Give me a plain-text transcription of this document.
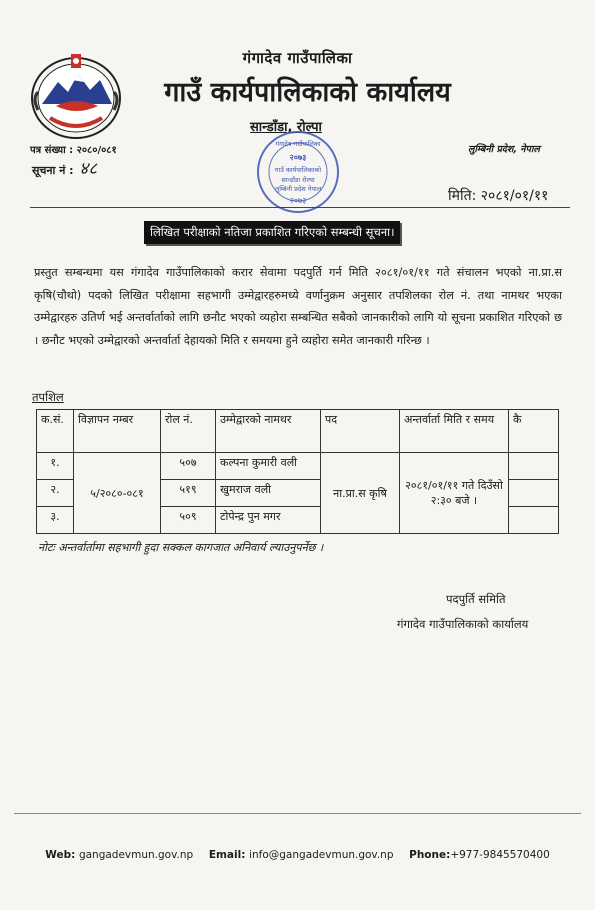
गंगादेव गाउँपालिका
गाउँ कार्यपालिकाको कार्यालय
सान्डाँडा, रोल्पा
पत्र संख्या : २०८०/०८१
सूचना नं : ४८
लुम्बिनी प्रदेश, नेपाल
गंगादेव गाउँपालिका
२०७३
गाउँ कार्यपालिकाको
सान्डाँडा रोल्पा
लुम्बिनी प्रदेश नेपाल
२०७३	मिति: २०८१/०१/११
लिखित परीक्षाको नतिजा प्रकाशित गरिएको सम्बन्धी सूचना।
प्रस्तुत सम्बन्धमा यस गंगादेव गाउँपालिकाको करार सेवामा पदपुर्ति गर्न मिति २०८१/०१/११ गते संचालन भएको ना.प्रा.स कृषि(चौथो) पदको लिखित परीक्षामा सहभागी उम्मेद्वारहरुमध्ये वर्णानुक्रम अनुसार तपशिलका रोल नं. तथा नामथर भएका उम्मेद्वारहरु उतिर्ण भई अन्तर्वार्ताको लागि छनौट भएको व्यहोरा सम्बन्धित सबैको जानकारीको लागि यो सूचना प्रकाशित गरिएको छ । छनौट भएको उम्मेद्वारको अन्तर्वार्ता देहायको मिति र समयमा हुने व्यहोरा समेत जानकारी गरिन्छ ।
तपशिल
क.सं.	विज्ञापन नम्बर	रोल नं.	उम्मेद्वारको नामथर	पद	अन्तर्वार्ता मिति र समय	कै
१.	५/२०८०-०८१	५०७	कल्पना कुमारी वली	ना.प्रा.स कृषि	२०८१/०१/११ गते दिउँसो २:३० बजे ।	
२.		५१९	खुमराज वली			
३.		५०९	टोपेन्द्र पुन मगर			
नोटः अन्तर्वार्तामा सहभागी हुदा सक्कल कागजात अनिवार्य ल्याउनुपर्नेछ ।
पदपुर्ति समिति
गंगादेव गाउँपालिकाको कार्यालय
Web: gangadevmun.gov.np Email: info@gangadevmun.gov.np Phone:+977-9845570400
